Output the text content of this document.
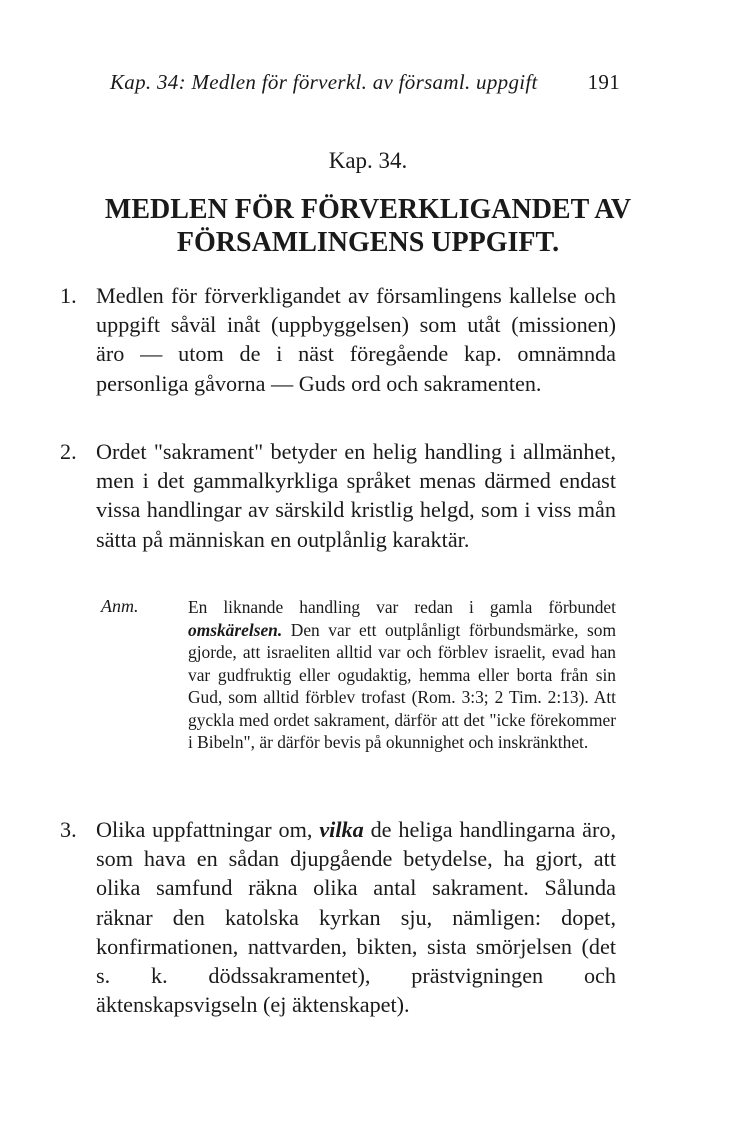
Kap. 34: Medlen för förverkl. av församl. uppgift 191
Kap. 34.
MEDLEN FÖR FÖRVERKLIGANDET AV
FÖRSAMLINGENS UPPGIFT.
1. Medlen för förverkligandet av församlingens kallelse och uppgift såväl inåt (uppbyggelsen) som utåt (missionen) äro — utom de i näst föregående kap. omnämnda personliga gåvorna — Guds ord och sakramenten.
2. Ordet "sakrament" betyder en helig handling i allmänhet, men i det gammalkyrkliga språket menas därmed endast vissa handlingar av särskild kristlig helgd, som i viss mån sätta på människan en outplånlig karaktär.
Anm.	En liknande handling var redan i gamla förbundet omskärelsen. Den var ett outplånligt förbundsmärke, som gjorde, att israeliten alltid var och förblev israelit, evad han var gudfruktig eller ogudaktig, hemma eller borta från sin Gud, som alltid förblev trofast (Rom. 3:3; 2 Tim. 2:13). Att gyckla med ordet sakrament, därför att det "icke förekommer i Bibeln", är därför bevis på okunnighet och inskränkthet.
3. Olika uppfattningar om, vilka de heliga handlingarna äro, som hava en sådan djupgående betydelse, ha gjort, att olika samfund räkna olika antal sakrament. Sålunda räknar den katolska kyrkan sju, nämligen: dopet, konfirmationen, nattvarden, bikten, sista smörjelsen (det s. k. dödssakramentet), prästvigningen och äktenskapsvigseln (ej äktenskapet).
